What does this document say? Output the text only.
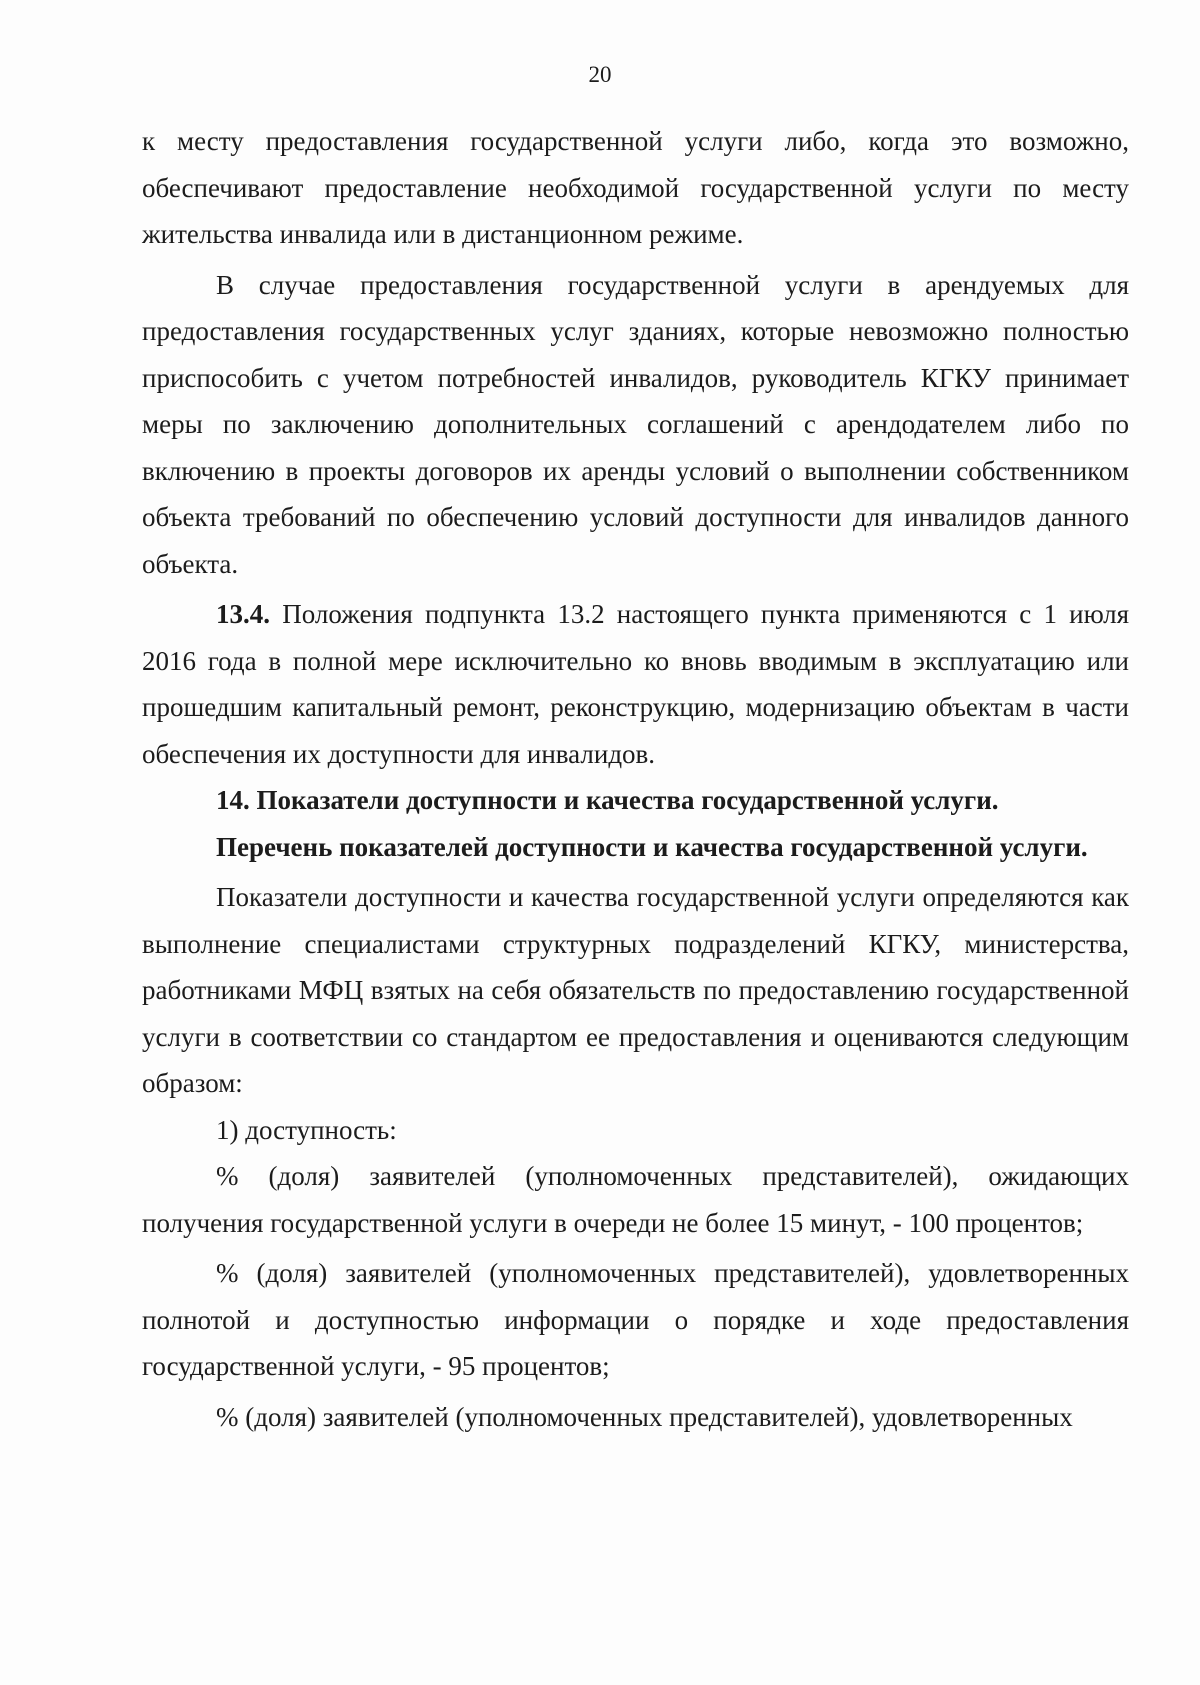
20

к месту предоставления государственной услуги либо, когда это возможно, обеспечивают предоставление необходимой государственной услуги по месту жительства инвалида или в дистанционном режиме.

В случае предоставления государственной услуги в арендуемых для предоставления государственных услуг зданиях, которые невозможно полностью приспособить с учетом потребностей инвалидов, руководитель КГКУ принимает меры по заключению дополнительных соглашений с арендодателем либо по включению в проекты договоров их аренды условий о выполнении собственником объекта требований по обеспечению условий доступности для инвалидов данного объекта.

13.4. Положения подпункта 13.2 настоящего пункта применяются с 1 июля 2016 года в полной мере исключительно ко вновь вводимым в эксплуатацию или прошедшим капитальный ремонт, реконструкцию, модернизацию объектам в части обеспечения их доступности для инвалидов.

14. Показатели доступности и качества государственной услуги.

Перечень показателей доступности и качества государственной услуги.

Показатели доступности и качества государственной услуги определяются как выполнение специалистами структурных подразделений КГКУ, министерства, работниками МФЦ взятых на себя обязательств по предоставлению государственной услуги в соответствии со стандартом ее предоставления и оцениваются следующим образом:

1) доступность:

% (доля) заявителей (уполномоченных представителей), ожидающих получения государственной услуги в очереди не более 15 минут, - 100 процентов;

% (доля) заявителей (уполномоченных представителей), удовлетворенных полнотой и доступностью информации о порядке и ходе предоставления государственной услуги, - 95 процентов;

% (доля) заявителей (уполномоченных представителей), удовлетворенных
